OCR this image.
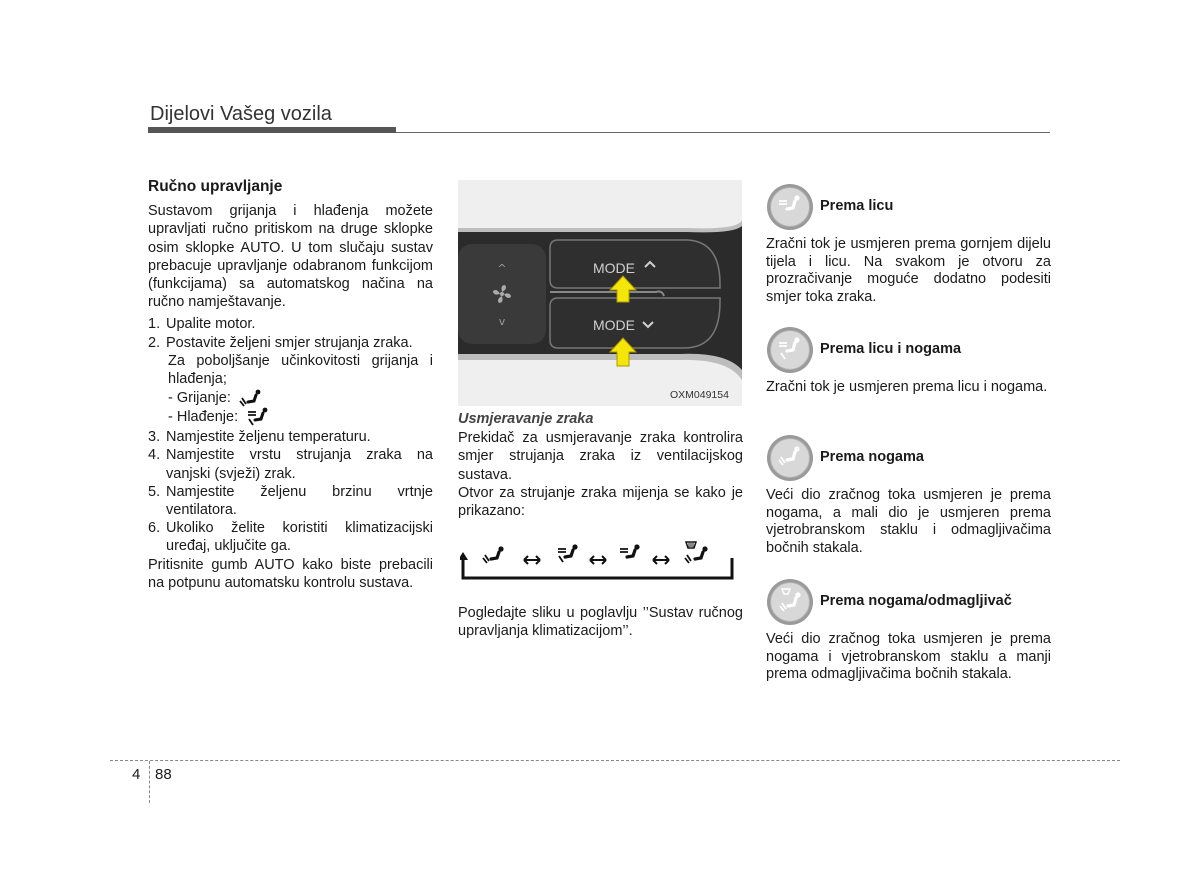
Dijelovi Vašeg vozila
Ručno upravljanje

Sustavom grijanja i hlađenja možete upravljati ručno pritiskom na druge sklopke osim sklopke AUTO. U tom slučaju sustav prebacuje upravljanje odabranom funkcijom (funkcijama) sa automatskog načina na ručno namještavanje.

1. Upalite motor.
2. Postavite željeni smjer strujanja zraka.
Za poboljšanje učinkovitosti grijanja i hlađenja;
- Grijanje:
- Hlađenje:
3. Namjestite željenu temperaturu.
4. Namjestite vrstu strujanja zraka na vanjski (svježi) zrak.
5. Namjestite željenu brzinu vrtnje ventilatora.
6. Ukoliko želite koristiti klimatizacijski uređaj, uključite ga.

Pritisnite gumb AUTO kako biste prebacili na potpunu automatsku kontrolu sustava.

^
v
MODE
MODE
OXM049154
Usmjeravanje zraka

Prekidač za usmjeravanje zraka kontrolira smjer strujanja zraka iz ventilacijskog sustava.

Otvor za strujanje zraka mijenja se kako je prikazano:

Pogledajte sliku u poglavlju ’’Sustav ručnog upravljanja klimatizacijom’’.
Prema licu
Zračni tok je usmjeren prema gornjem dijelu tijela i licu. Na svakom je otvoru za prozračivanje moguće dodatno podesiti smjer toka zraka.
Prema licu i nogama
Zračni tok je usmjeren prema licu i nogama.
Prema nogama
Veći dio zračnog toka usmjeren je prema nogama, a mali dio je usmjeren prema vjetrobranskom staklu i odmagljivačima bočnih stakala.
Prema nogama/odmagljivač
Veći dio zračnog toka usmjeren je prema nogama i vjetrobranskom staklu a manji prema odmagljivačima bočnih stakala.
4 88
